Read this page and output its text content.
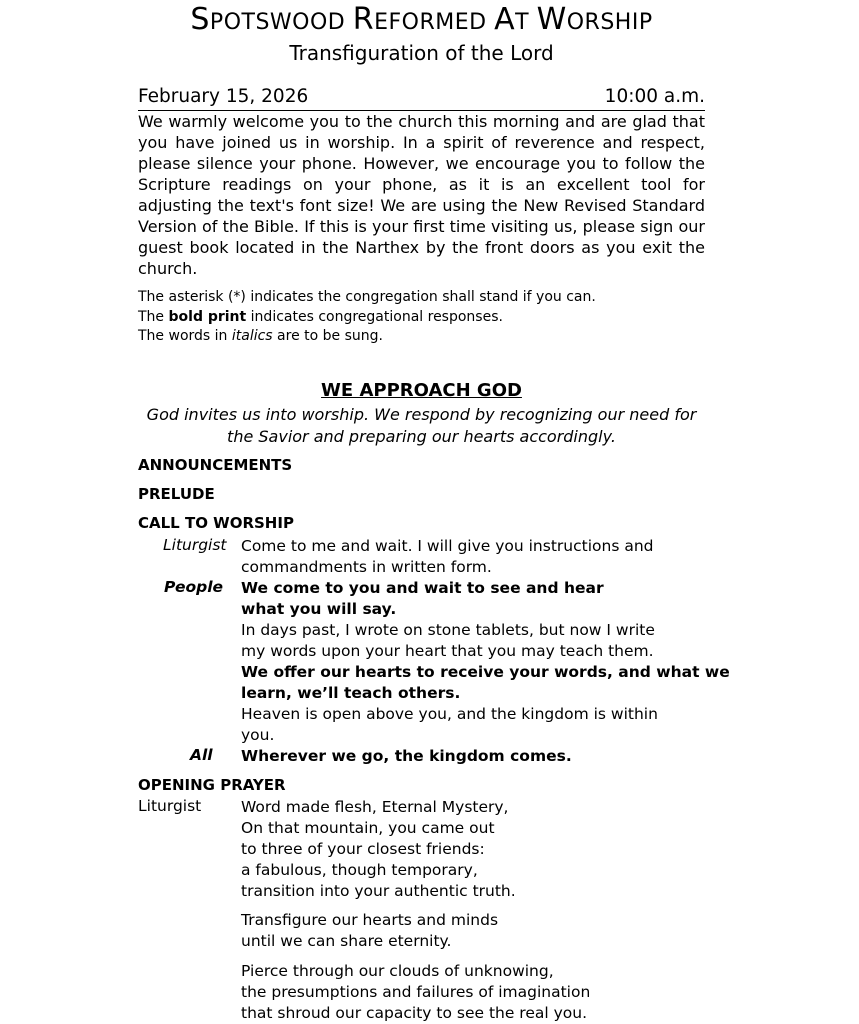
SPOTSWOOD REFORMED AT WORSHIP
Transfiguration of the Lord
February 15, 2026	10:00 a.m.

We warmly welcome you to the church this morning and are glad that you have joined us in worship. In a spirit of reverence and respect, please silence your phone. However, we encourage you to follow the Scripture readings on your phone, as it is an excellent tool for adjusting the text's font size! We are using the New Revised Standard Version of the Bible. If this is your first time visiting us, please sign our guest book located in the Narthex by the front doors as you exit the church.

The asterisk (*) indicates the congregation shall stand if you can.
The bold print indicates congregational responses.
The words in italics are to be sung.
WE APPROACH GOD
God invites us into worship. We respond by recognizing our need for
the Savior and preparing our hearts accordingly.
ANNOUNCEMENTS
PRELUDE
CALL TO WORSHIP
Liturgist
People
All
Come to me and wait. I will give you instructions and
commandments in written form.
We come to you and wait to see and hear
what you will say.
In days past, I wrote on stone tablets, but now I write
my words upon your heart that you may teach them.
We offer our hearts to receive your words, and what we
learn, we’ll teach others.
Heaven is open above you, and the kingdom is within
you.
Wherever we go, the kingdom comes.
OPENING PRAYER
Liturgist	Word made flesh, Eternal Mystery,
On that mountain, you came out
to three of your closest friends:
a fabulous, though temporary,
transition into your authentic truth.
Transfigure our hearts and minds
until we can share eternity.
Pierce through our clouds of unknowing,
the presumptions and failures of imagination
that shroud our capacity to see the real you.
